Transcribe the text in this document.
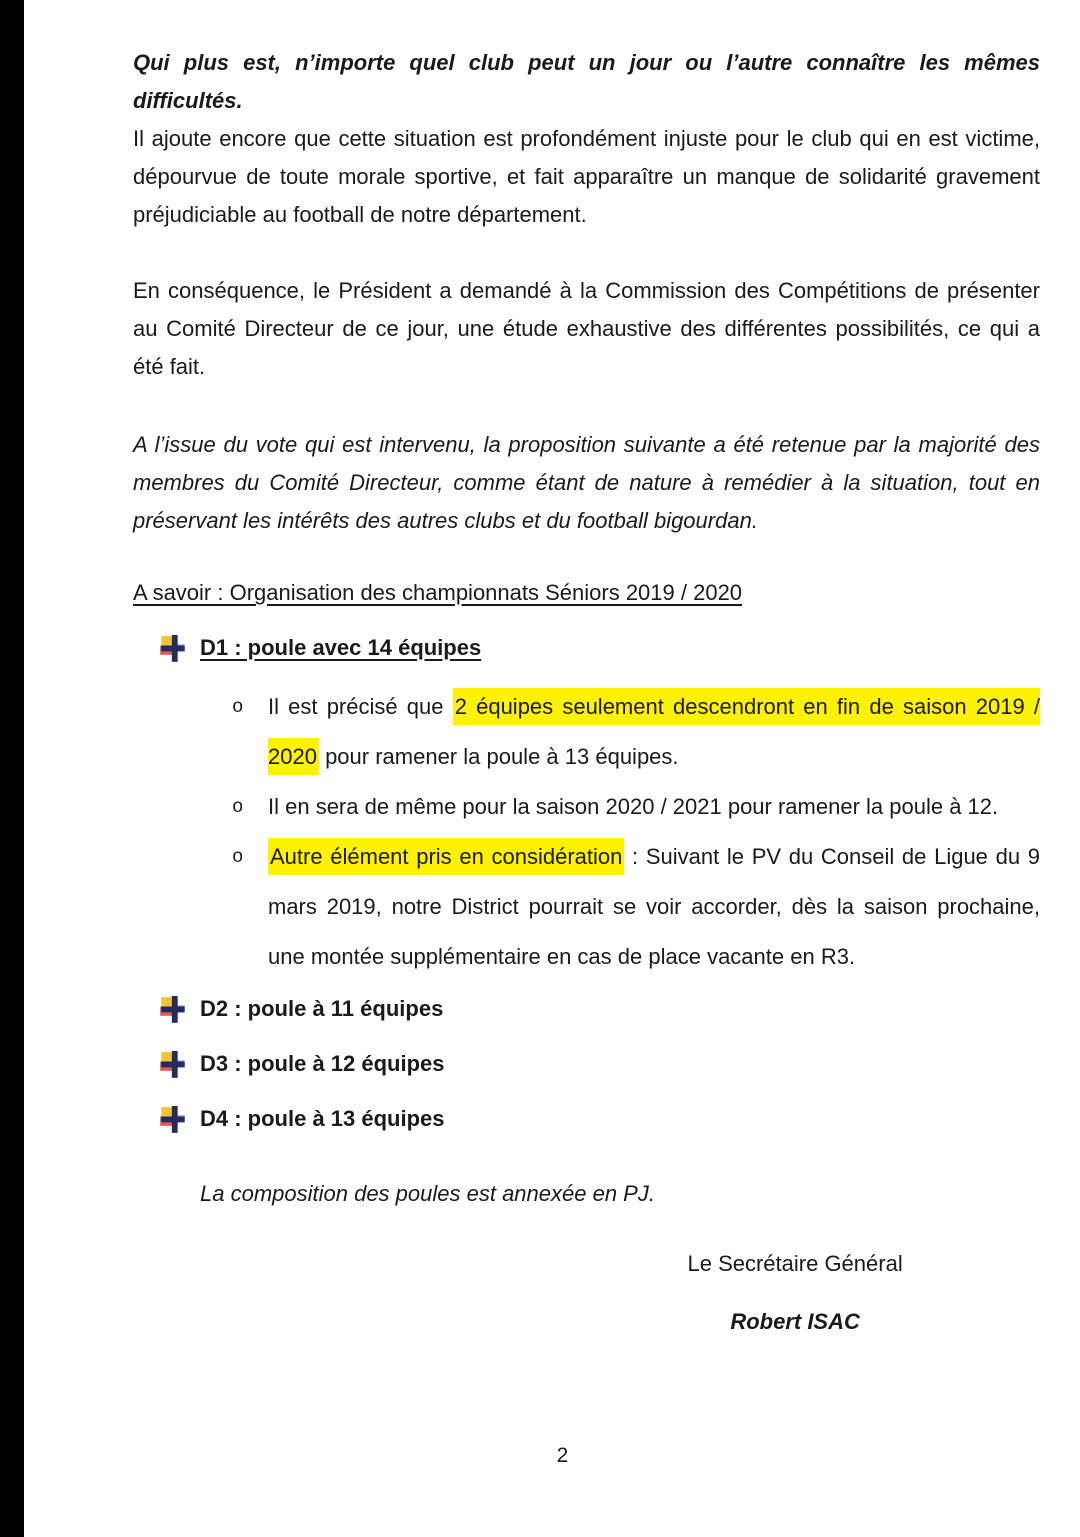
Qui plus est, n’importe quel club peut un jour ou l’autre connaître les mêmes difficultés.

Il ajoute encore que cette situation est profondément injuste pour le club qui en est victime, dépourvue de toute morale sportive, et fait apparaître un manque de solidarité gravement préjudiciable au football de notre département.

En conséquence, le Président a demandé à la Commission des Compétitions de présenter au Comité Directeur de ce jour, une étude exhaustive des différentes possibilités, ce qui a été fait.

A l’issue du vote qui est intervenu, la proposition suivante a été retenue par la majorité des membres du Comité Directeur, comme étant de nature à remédier à la situation, tout en préservant les intérêts des autres clubs et du football bigourdan.

A savoir : Organisation des championnats Séniors 2019 / 2020
D1 : poule avec 14 équipes
o	Il est précisé que 2 équipes seulement descendront en fin de saison 2019 / 2020 pour ramener la poule à 13 équipes.
o	Il en sera de même pour la saison 2020 / 2021 pour ramener la poule à 12.
o	Autre élément pris en considération : Suivant le PV du Conseil de Ligue du 9 mars 2019, notre District pourrait se voir accorder, dès la saison prochaine, une montée supplémentaire en cas de place vacante en R3.
D2 : poule à 11 équipes
D3 : poule à 12 équipes
D4 : poule à 13 équipes

La composition des poules est annexée en PJ.

Le Secrétaire Général
Robert ISAC
2
